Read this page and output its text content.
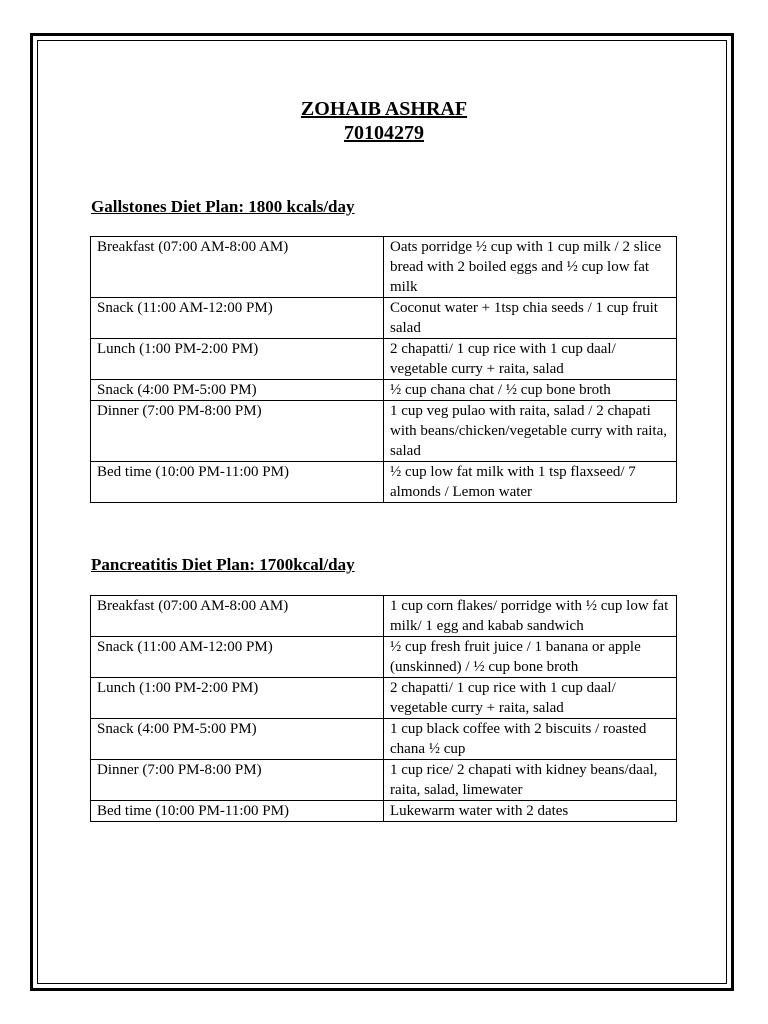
ZOHAIB ASHRAF
70104279
Gallstones Diet Plan: 1800 kcals/day
Breakfast (07:00 AM-8:00 AM)	Oats porridge ½ cup with 1 cup milk / 2 slice bread with 2 boiled eggs and ½ cup low fat milk
Snack (11:00 AM-12:00 PM)	Coconut water + 1tsp chia seeds / 1 cup fruit salad
Lunch (1:00 PM-2:00 PM)	2 chapatti/ 1 cup rice with 1 cup daal/ vegetable curry + raita, salad
Snack (4:00 PM-5:00 PM)	½ cup chana chat / ½ cup bone broth
Dinner (7:00 PM-8:00 PM)	1 cup veg pulao with raita, salad / 2 chapati with beans/chicken/vegetable curry with raita, salad
Bed time (10:00 PM-11:00 PM)	½ cup low fat milk with 1 tsp flaxseed/ 7 almonds / Lemon water
Pancreatitis Diet Plan: 1700kcal/day
Breakfast (07:00 AM-8:00 AM)	1 cup corn flakes/ porridge with ½ cup low fat milk/ 1 egg and kabab sandwich
Snack (11:00 AM-12:00 PM)	½ cup fresh fruit juice / 1 banana or apple (unskinned) / ½ cup bone broth
Lunch (1:00 PM-2:00 PM)	2 chapatti/ 1 cup rice with 1 cup daal/ vegetable curry + raita, salad
Snack (4:00 PM-5:00 PM)	1 cup black coffee with 2 biscuits / roasted chana ½ cup
Dinner (7:00 PM-8:00 PM)	1 cup rice/ 2 chapati with kidney beans/daal, raita, salad, limewater
Bed time (10:00 PM-11:00 PM)	Lukewarm water with 2 dates
